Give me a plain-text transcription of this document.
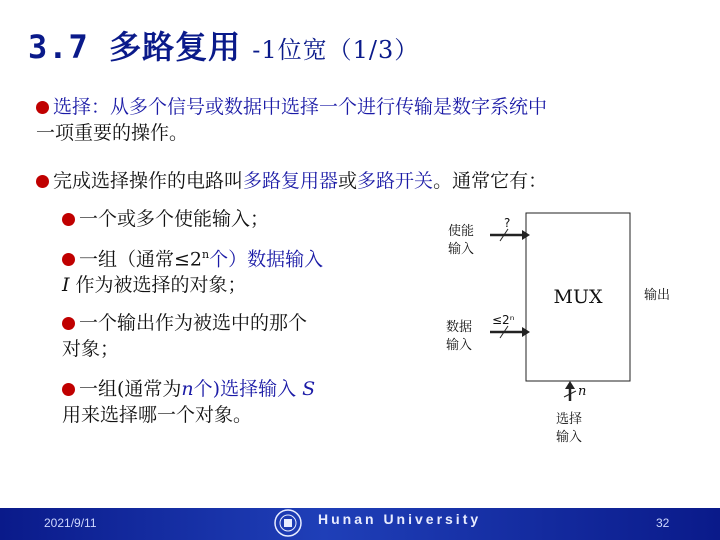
3.7 多路复用 -1位宽（1/3）
选择：从多个信号或数据中选择一个进行传输是数字系统中
一项重要的操作。
完成选择操作的电路叫多路复用器或多路开关。通常它有：
一个或多个使能输入；
一组（通常$\le 2^n$个）数据输入
I 作为被选择的对象；
一个输出作为被选中的那个
对象；
一组(通常为n个)选择输入 S
用来选择哪一个对象。
MUX
?
使能
输入
≤2ⁿ
数据
输入
输出
n
选择
输入
2021/9/11	Hunan University	32
